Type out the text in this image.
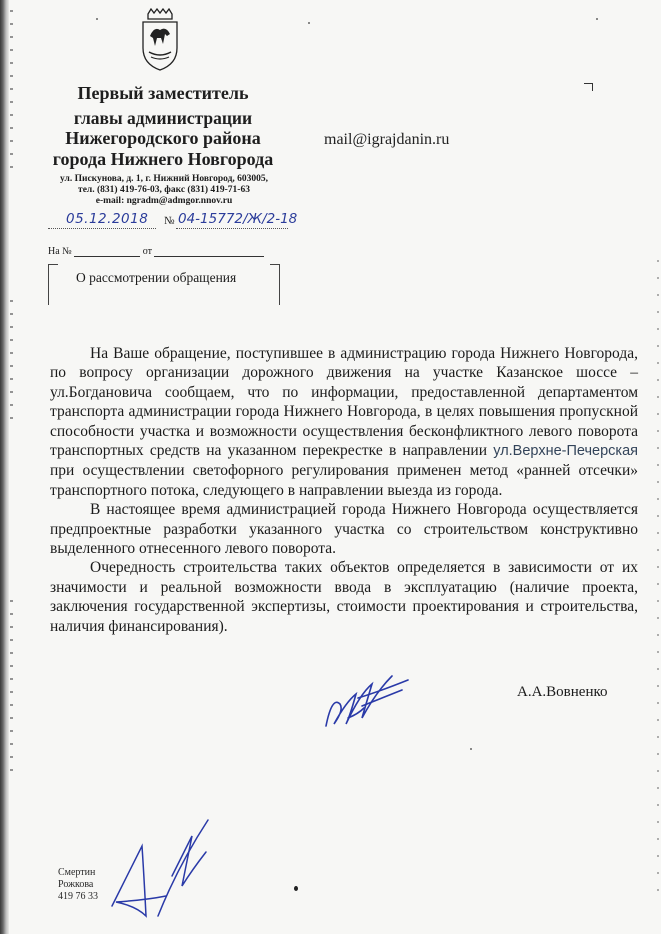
Первый заместитель
главы администрации
Нижегородского района
города Нижнего Новгорода
ул. Пискунова, д. 1, г. Нижний Новгород, 603005,
тел. (831) 419-76-03, факс (831) 419-71-63
e-mail: ngradm@admgor.nnov.ru
mail@igrajdanin.ru
05.12.2018 № 04-15772/Ж/2-18
На №	от
О рассмотрении обращения

На Ваше обращение, поступившее в администрацию города Нижнего Новгорода, по вопросу организации дорожного движения на участке Казанское шоссе – ул.Богдановича сообщаем, что по информации, предоставленной департаментом транспорта администрации города Нижнего Новгорода, в целях повышения пропускной способности участка и возможности осуществления бесконфликтного левого поворота транспортных средств на указанном перекрестке в направлении ул.Верхне-Печерская при осуществлении светофорного регулирования применен метод «ранней отсечки» транспортного потока, следующего в направлении выезда из города.

В настоящее время администрацией города Нижнего Новгорода осуществляется предпроектные разработки указанного участка со строительством конструктивно выделенного отнесенного левого поворота.

Очередность строительства таких объектов определяется в зависимости от их значимости и реальной возможности ввода в эксплуатацию (наличие проекта, заключения государственной экспертизы, стоимости проектирования и строительства, наличия финансирования).

А.А.Вовненко
Смертин
Рожкова
419 76 33
